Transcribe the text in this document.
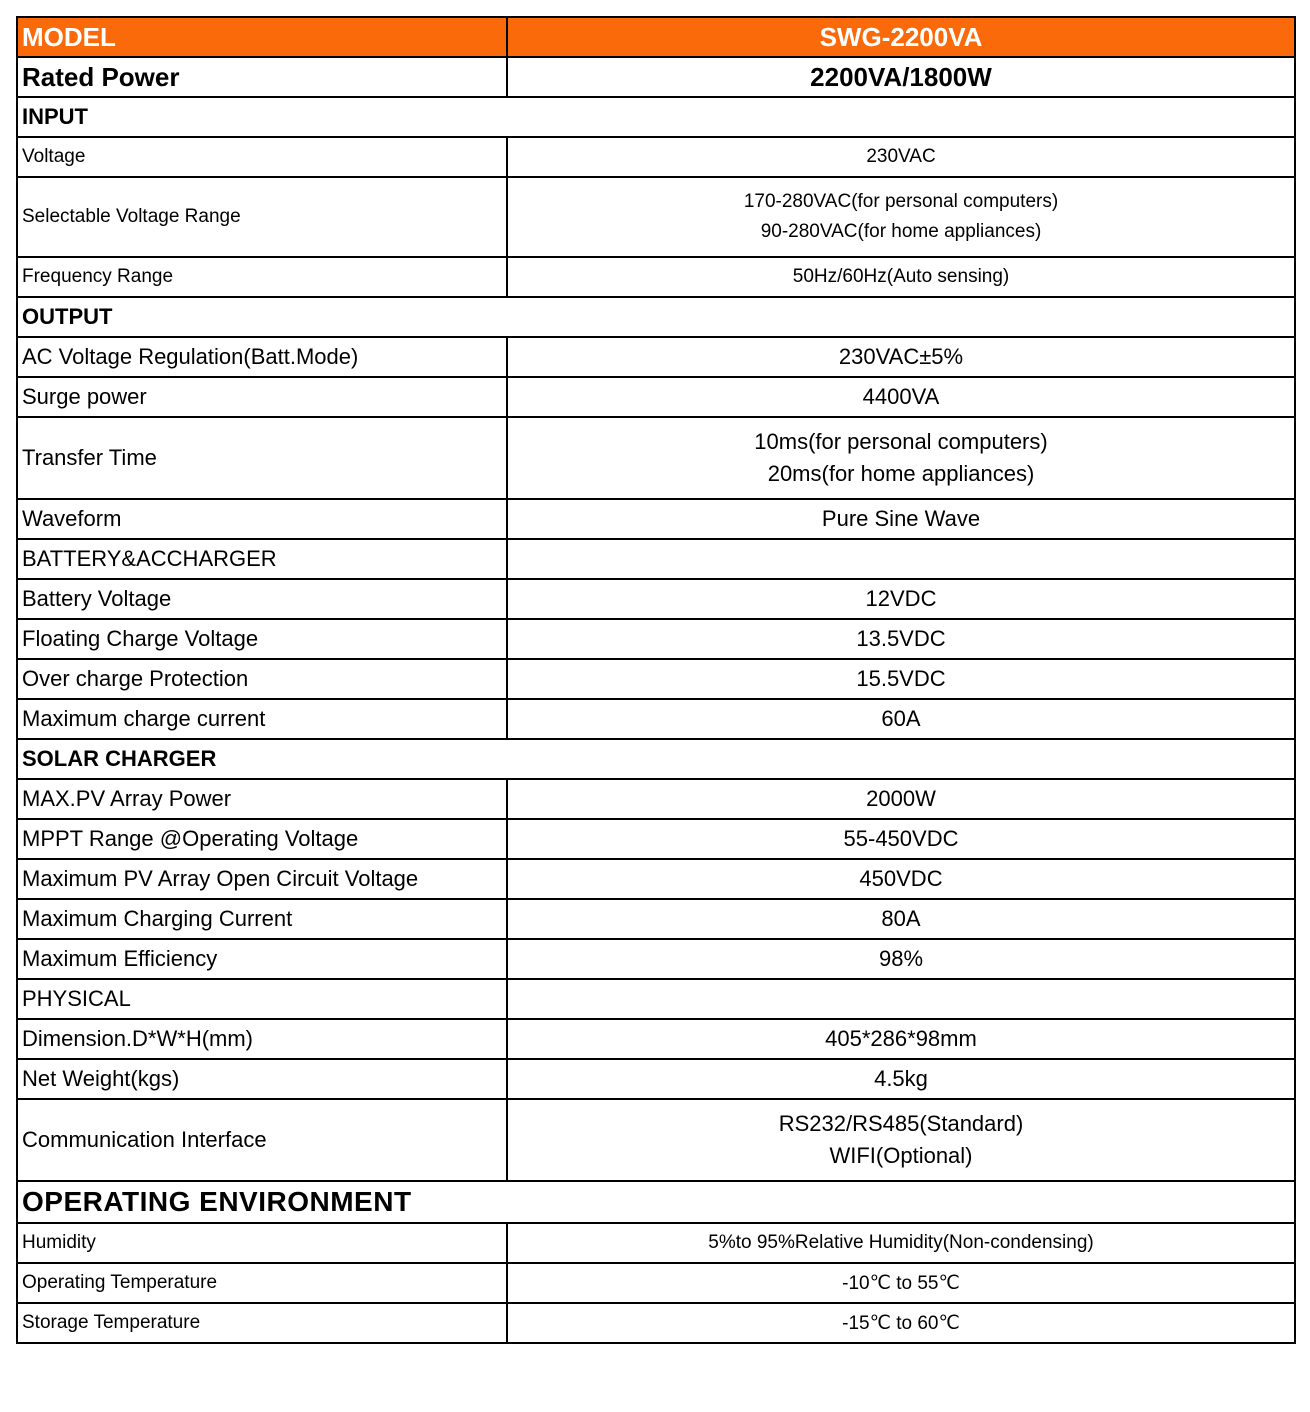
MODEL	SWG-2200VA
Rated Power	2200VA/1800W
INPUT	
Voltage	230VAC
Selectable Voltage Range	170-280VAC(for personal computers)
90-280VAC(for home appliances)

Frequency Range	50Hz/60Hz(Auto sensing)
OUTPUT	
AC Voltage Regulation(Batt.Mode)	230VAC±5%
Surge power	4400VA
Transfer Time	10ms(for personal computers)
20ms(for home appliances)

Waveform	Pure Sine Wave
BATTERY&ACCHARGER	
Battery Voltage	12VDC
Floating Charge Voltage	13.5VDC
Over charge Protection	15.5VDC
Maximum charge current	60A
SOLAR CHARGER	
MAX.PV Array Power	2000W
MPPT Range @Operating Voltage	55-450VDC
Maximum PV Array Open Circuit Voltage	450VDC
Maximum Charging Current	80A
Maximum Efficiency	98%
PHYSICAL	
Dimension.D*W*H(mm)	405*286*98mm
Net Weight(kgs)	4.5kg
Communication Interface	RS232/RS485(Standard)
WIFI(Optional)

OPERATING ENVIRONMENT	
Humidity	5%to 95%Relative Humidity(Non-condensing)
Operating Temperature	-10℃ to 55℃
Storage Temperature	-15℃ to 60℃
